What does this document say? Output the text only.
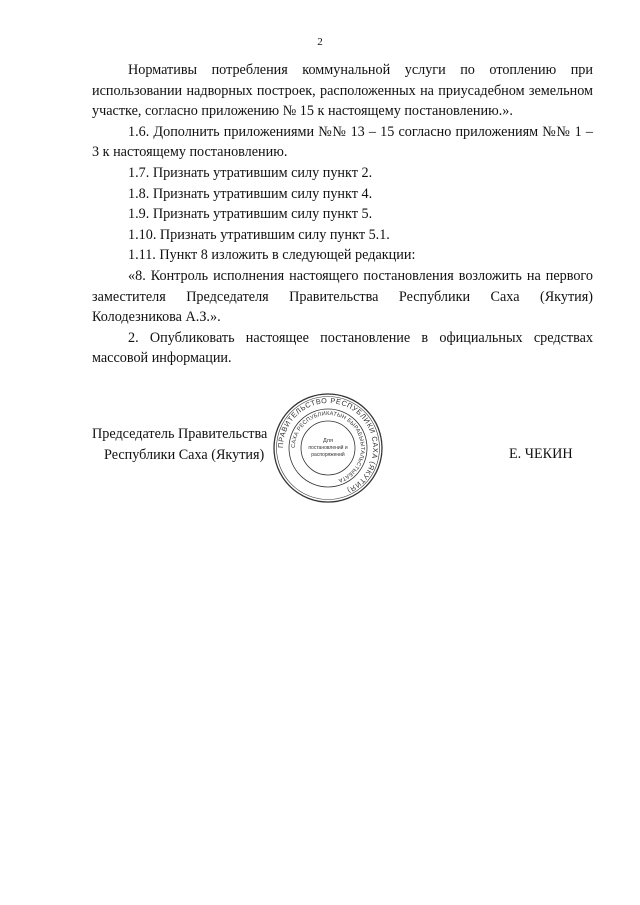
2

Нормативы потребления коммунальной услуги по отоплению при использовании надворных построек, расположенных на приусадебном земельном участке, согласно приложению № 15 к настоящему постановлению.».

1.6. Дополнить приложениями №№ 13 – 15 согласно приложениям №№ 1 – 3 к настоящему постановлению.

1.7. Признать утратившим силу пункт 2.

1.8. Признать утратившим силу пункт 4.

1.9. Признать утратившим силу пункт 5.

1.10. Признать утратившим силу пункт 5.1.

1.11. Пункт 8 изложить в следующей редакции:

«8. Контроль исполнения настоящего постановления возложить на первого заместителя Председателя Правительства Республики Саха (Якутия) Колодезникова А.З.».

2. Опубликовать настоящее постановление в официальных средствах массовой информации.

Председатель Правительства
Республики Саха (Якутия)
ПРАВИТЕЛЬСТВО РЕСПУБЛИКИ САХА (ЯКУТИЯ)
САХА РЕСПУБЛИКАТЫН БЫРАБЫЫТАЛЬСТЫБАТА
Для
постановлений и
распоряжений	Е. ЧЕКИН
